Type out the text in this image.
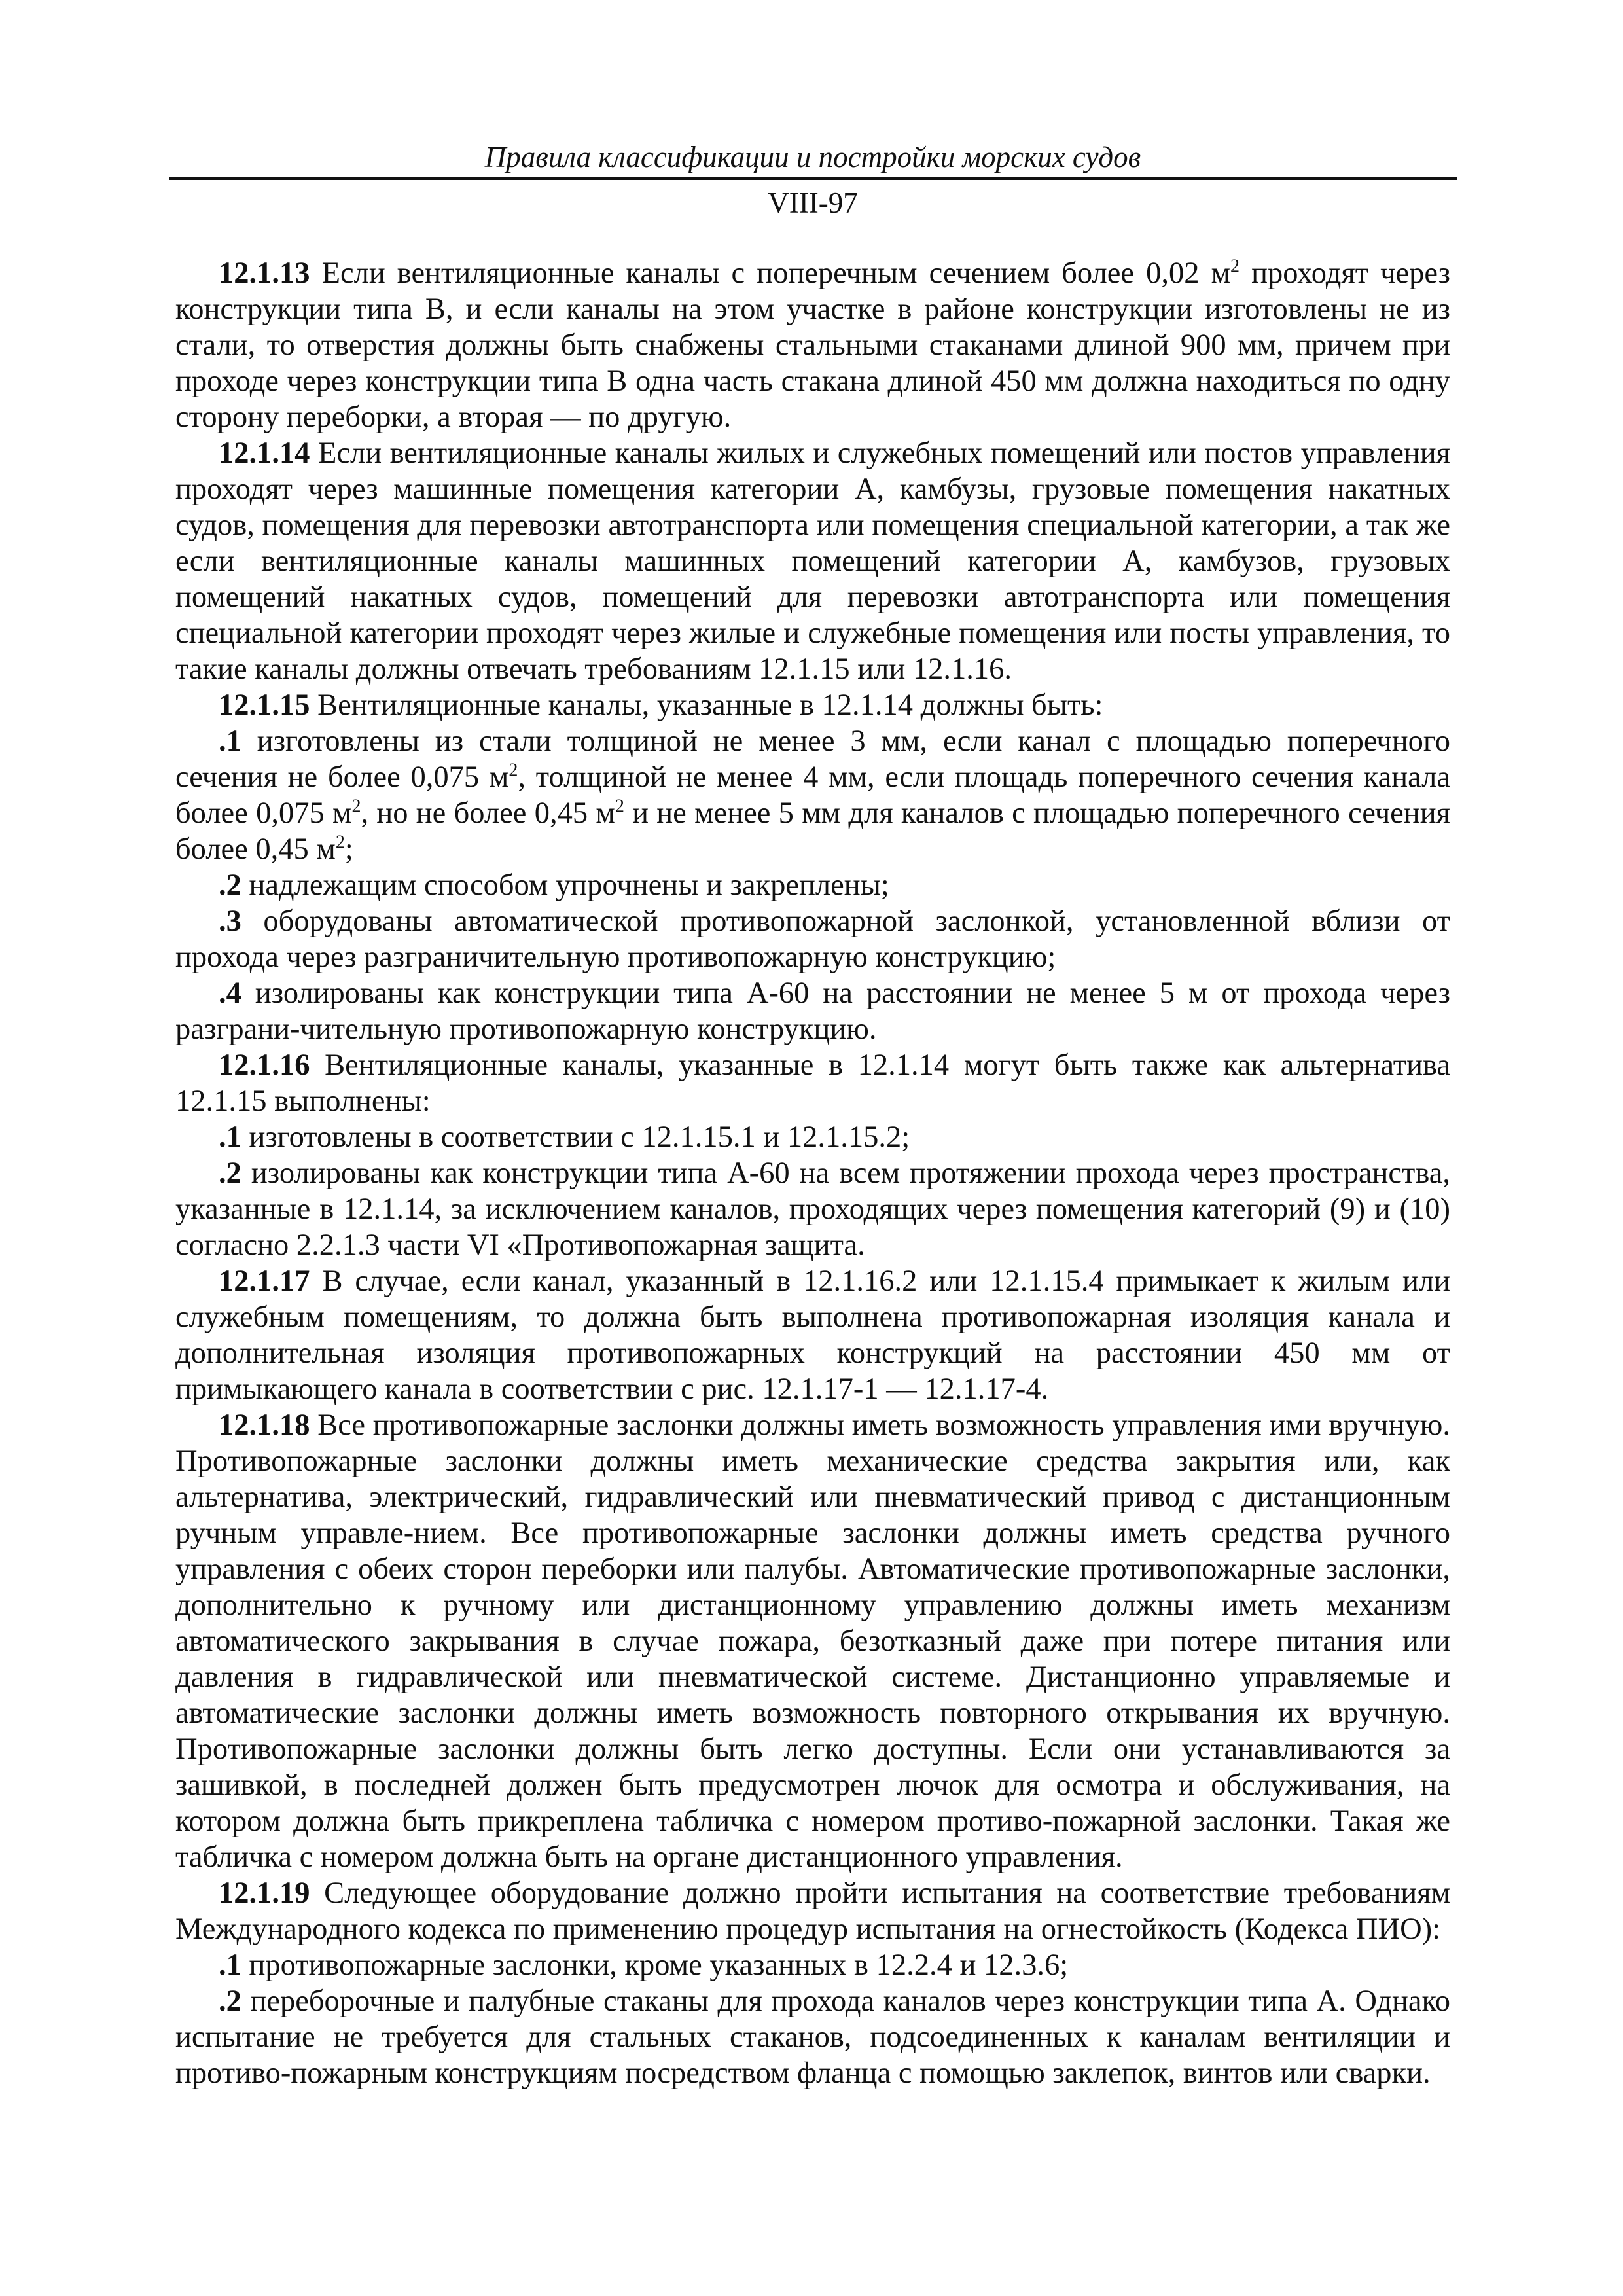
Правила классификации и постройки морских судов
VIII-97

12.1.13 Если вентиляционные каналы с поперечным сечением более 0,02 $м^2$ проходят через конструкции типа B, и если каналы на этом участке в районе конструкции изготовлены не из стали, то отверстия должны быть снабжены стальными стаканами длиной 900 мм, причем при проходе через конструкции типа B одна часть стакана длиной 450 мм должна находиться по одну сторону переборки, а вторая — по другую.

12.1.14 Если вентиляционные каналы жилых и служебных помещений или постов управления проходят через машинные помещения категории A, камбузы, грузовые помещения накатных судов, помещения для перевозки автотранспорта или помещения специальной категории, а так же если вентиляционные каналы машинных помещений категории A, камбузов, грузовых помещений накатных судов, помещений для перевозки автотранспорта или помещения специальной категории проходят через жилые и служебные помещения или посты управления, то такие каналы должны отвечать требованиям 12.1.15 или 12.1.16.

12.1.15 Вентиляционные каналы, указанные в 12.1.14 должны быть:

.1 изготовлены из стали толщиной не менее 3 мм, если канал с площадью поперечного сечения не более 0,075 $м^2$, толщиной не менее 4 мм, если площадь поперечного сечения канала более 0,075 $м^2$, но не более 0,45 $м^2$ и не менее 5 мм для каналов с площадью поперечного сечения более 0,45 $м^2$;

.2 надлежащим способом упрочнены и закреплены;

.3 оборудованы автоматической противопожарной заслонкой, установленной вблизи от прохода через разграничительную противопожарную конструкцию;

.4 изолированы как конструкции типа A-60 на расстоянии не менее 5 м от прохода через разграни-чительную противопожарную конструкцию.

12.1.16 Вентиляционные каналы, указанные в 12.1.14 могут быть также как альтернатива 12.1.15 выполнены:

.1 изготовлены в соответствии с 12.1.15.1 и 12.1.15.2;

.2 изолированы как конструкции типа A-60 на всем протяжении прохода через пространства, указанные в 12.1.14, за исключением каналов, проходящих через помещения категорий (9) и (10) согласно 2.2.1.3 части VI «Противопожарная защита.

12.1.17 В случае, если канал, указанный в 12.1.16.2 или 12.1.15.4 примыкает к жилым или служебным помещениям, то должна быть выполнена противопожарная изоляция канала и дополнительная изоляция противопожарных конструкций на расстоянии 450 мм от примыкающего канала в соответствии с рис. 12.1.17-1 — 12.1.17-4.

12.1.18 Все противопожарные заслонки должны иметь возможность управления ими вручную. Противопожарные заслонки должны иметь механические средства закрытия или, как альтернатива, электрический, гидравлический или пневматический привод с дистанционным ручным управле-нием. Все противопожарные заслонки должны иметь средства ручного управления с обеих сторон переборки или палубы. Автоматические противопожарные заслонки, дополнительно к ручному или дистанционному управлению должны иметь механизм автоматического закрывания в случае пожара, безотказный даже при потере питания или давления в гидравлической или пневматической системе. Дистанционно управляемые и автоматические заслонки должны иметь возможность повторного открывания их вручную. Противопожарные заслонки должны быть легко доступны. Если они устанавливаются за зашивкой, в последней должен быть предусмотрен лючок для осмотра и обслуживания, на котором должна быть прикреплена табличка с номером противо-пожарной заслонки. Такая же табличка с номером должна быть на органе дистанционного управления.

12.1.19 Следующее оборудование должно пройти испытания на соответствие требованиям Международного кодекса по применению процедур испытания на огнестойкость (Кодекса ПИО):

.1 противопожарные заслонки, кроме указанных в 12.2.4 и 12.3.6;

.2 переборочные и палубные стаканы для прохода каналов через конструкции типа A. Однако испытание не требуется для стальных стаканов, подсоединенных к каналам вентиляции и противо-пожарным конструкциям посредством фланца с помощью заклепок, винтов или сварки.
